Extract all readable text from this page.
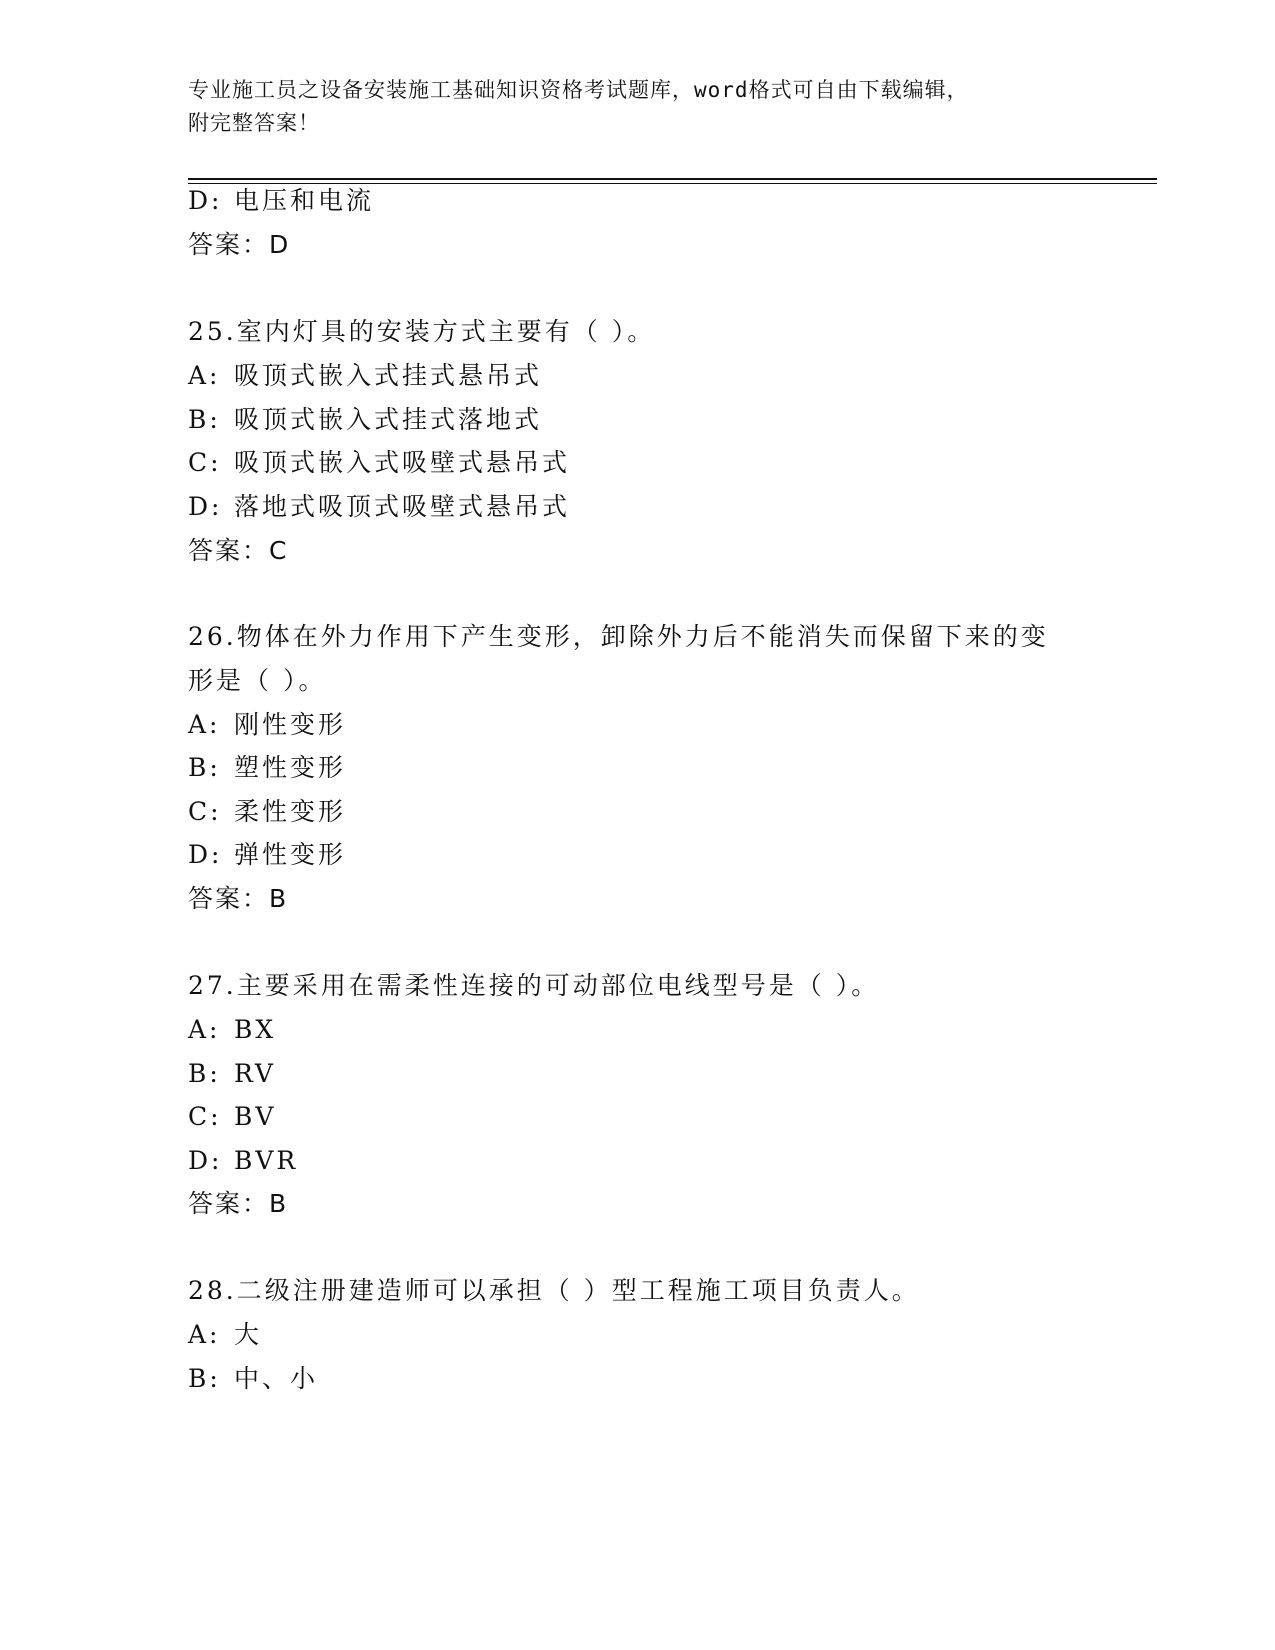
专业施工员之设备安装施工基础知识资格考试题库，word格式可自由下载编辑，
附完整答案！
D: 电压和电流
答案：D
25.室内灯具的安装方式主要有（ ）。
A: 吸顶式嵌入式挂式悬吊式
B: 吸顶式嵌入式挂式落地式
C: 吸顶式嵌入式吸壁式悬吊式
D: 落地式吸顶式吸壁式悬吊式
答案：C
26.物体在外力作用下产生变形，卸除外力后不能消失而保留下来的变
形是（ ）。
A: 刚性变形
B: 塑性变形
C: 柔性变形
D: 弹性变形
答案：B
27.主要采用在需柔性连接的可动部位电线型号是（ ）。
A: BX
B: RV
C: BV
D: BVR
答案：B
28.二级注册建造师可以承担（ ）型工程施工项目负责人。
A: 大
B: 中、小
